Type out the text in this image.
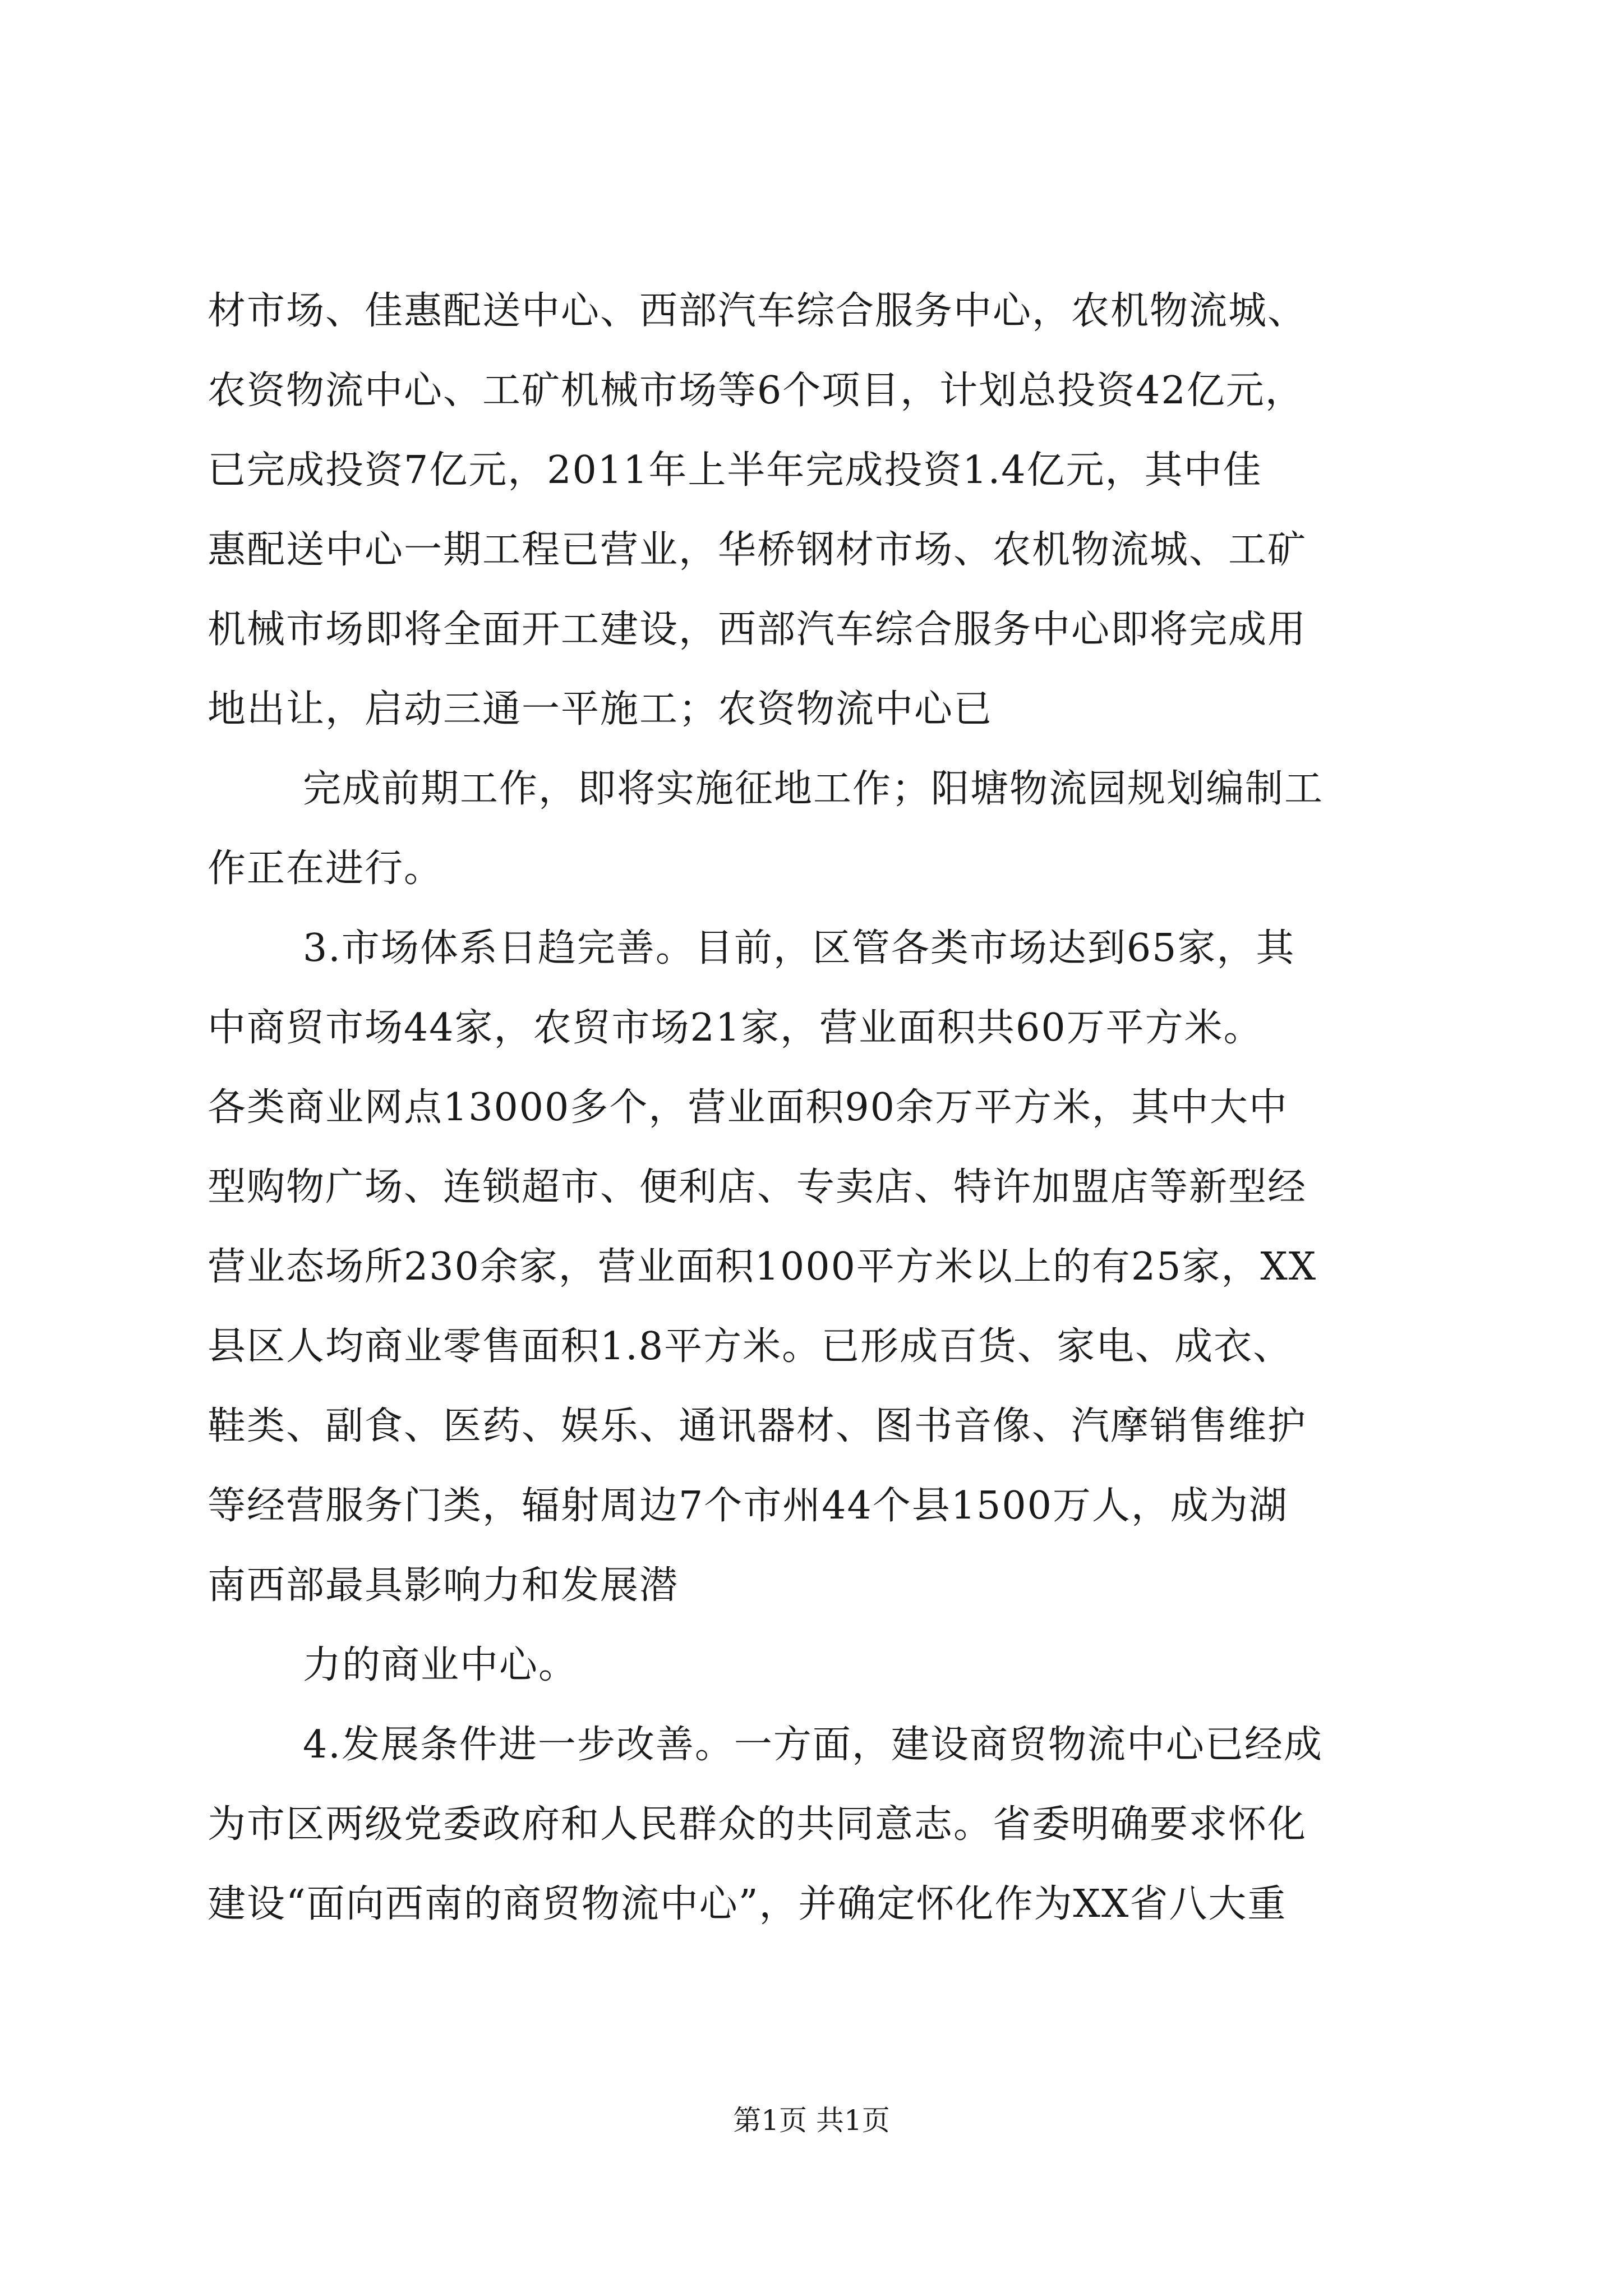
材市场、佳惠配送中心、西部汽车综合服务中心，农机物流城、
农资物流中心、工矿机械市场等6个项目，计划总投资42亿元，
已完成投资7亿元，2011年上半年完成投资1.4亿元，其中佳
惠配送中心一期工程已营业，华桥钢材市场、农机物流城、工矿
机械市场即将全面开工建设，西部汽车综合服务中心即将完成用
地出让，启动三通一平施工；农资物流中心已
完成前期工作，即将实施征地工作；阳塘物流园规划编制工
作正在进行。
3.市场体系日趋完善。目前，区管各类市场达到65家，其
中商贸市场44家，农贸市场21家，营业面积共60万平方米。
各类商业网点13000多个，营业面积90余万平方米，其中大中
型购物广场、连锁超市、便利店、专卖店、特许加盟店等新型经
营业态场所230余家，营业面积1000平方米以上的有25家，XX
县区人均商业零售面积1.8平方米。已形成百货、家电、成衣、
鞋类、副食、医药、娱乐、通讯器材、图书音像、汽摩销售维护
等经营服务门类，辐射周边7个市州44个县1500万人，成为湖
南西部最具影响力和发展潜
力的商业中心。
4.发展条件进一步改善。一方面，建设商贸物流中心已经成
为市区两级党委政府和人民群众的共同意志。省委明确要求怀化
建设“面向西南的商贸物流中心”，并确定怀化作为XX省八大重
第1页 共1页
